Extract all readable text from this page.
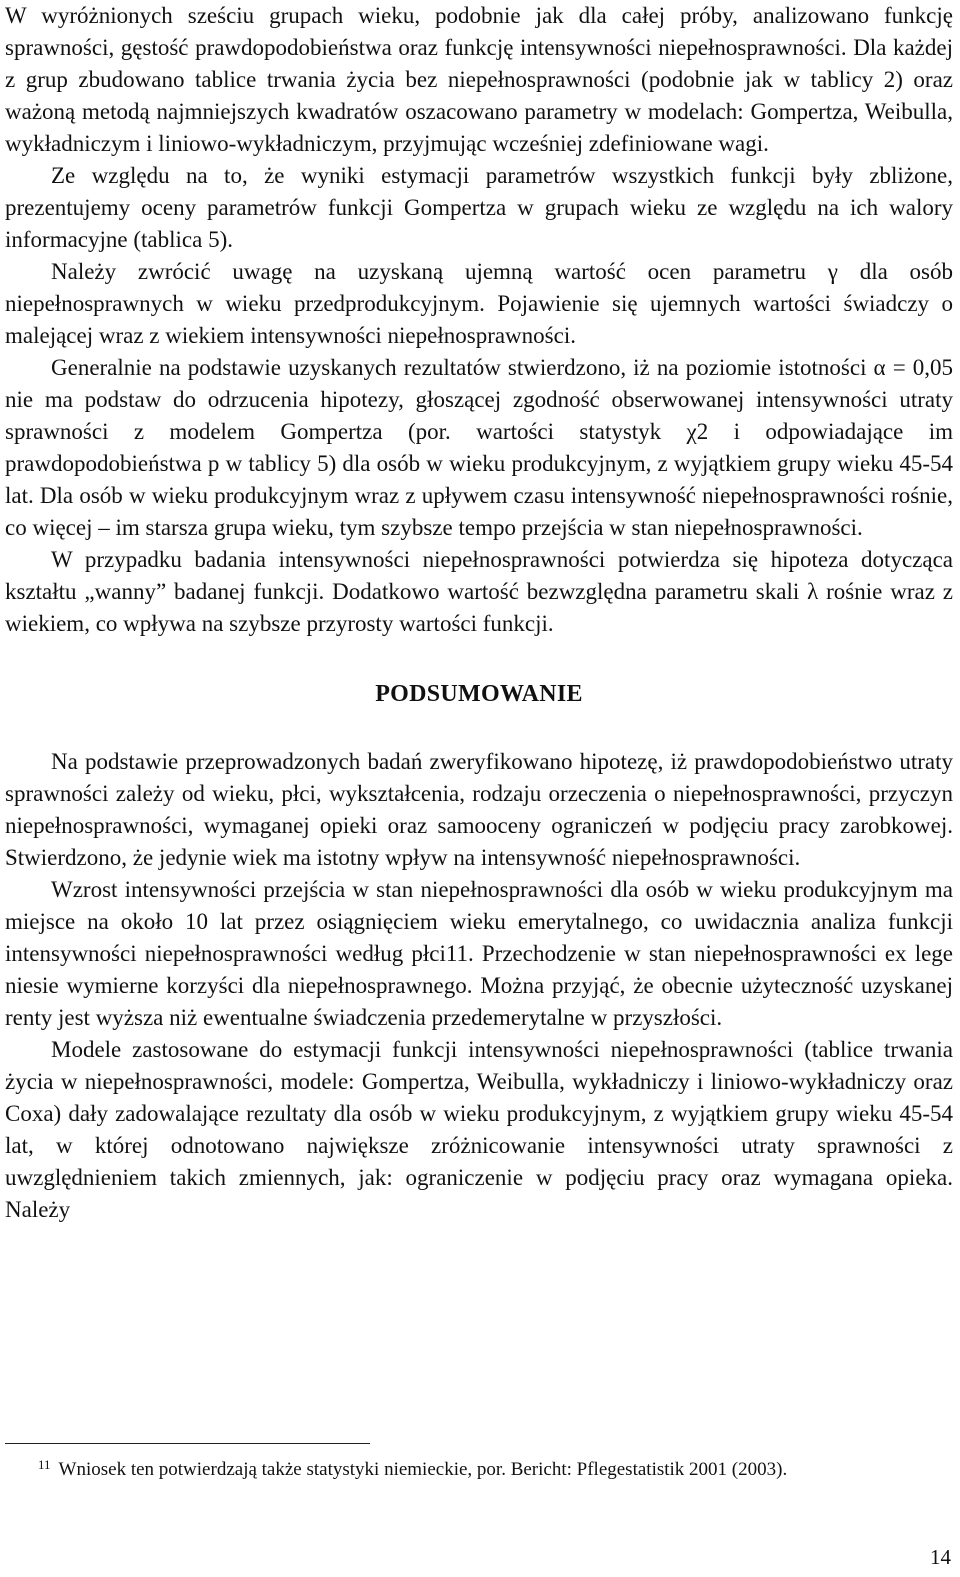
W wyróżnionych sześciu grupach wieku, podobnie jak dla całej próby, analizowano funkcję sprawności, gęstość prawdopodobieństwa oraz funkcję intensywności niepełnosprawności. Dla każdej z grup zbudowano tablice trwania życia bez niepełnosprawności (podobnie jak w tablicy 2) oraz ważoną metodą najmniejszych kwadratów oszacowano parametry w modelach: Gompertza, Weibulla, wykładniczym i liniowo-wykładniczym, przyjmując wcześniej zdefiniowane wagi.

Ze względu na to, że wyniki estymacji parametrów wszystkich funkcji były zbliżone, prezentujemy oceny parametrów funkcji Gompertza w grupach wieku ze względu na ich walory informacyjne (tablica 5).

Należy zwrócić uwagę na uzyskaną ujemną wartość ocen parametru γ dla osób niepełnosprawnych w wieku przedprodukcyjnym. Pojawienie się ujemnych wartości świadczy o malejącej wraz z wiekiem intensywności niepełnosprawności.

Generalnie na podstawie uzyskanych rezultatów stwierdzono, iż na poziomie istotności α = 0,05 nie ma podstaw do odrzucenia hipotezy, głoszącej zgodność obserwowanej intensywności utraty sprawności z modelem Gompertza (por. wartości statystyk χ2 i odpowiadające im prawdopodobieństwa p w tablicy 5) dla osób w wieku produkcyjnym, z wyjątkiem grupy wieku 45-54 lat. Dla osób w wieku produkcyjnym wraz z upływem czasu intensywność niepełnosprawności rośnie, co więcej – im starsza grupa wieku, tym szybsze tempo przejścia w stan niepełnosprawności.

W przypadku badania intensywności niepełnosprawności potwierdza się hipoteza dotycząca kształtu „wanny” badanej funkcji. Dodatkowo wartość bezwzględna parametru skali λ rośnie wraz z wiekiem, co wpływa na szybsze przyrosty wartości funkcji.

PODSUMOWANIE

Na podstawie przeprowadzonych badań zweryfikowano hipotezę, iż prawdopodobieństwo utraty sprawności zależy od wieku, płci, wykształcenia, rodzaju orzeczenia o niepełnosprawności, przyczyn niepełnosprawności, wymaganej opieki oraz samooceny ograniczeń w podjęciu pracy zarobkowej. Stwierdzono, że jedynie wiek ma istotny wpływ na intensywność niepełnosprawności.

Wzrost intensywności przejścia w stan niepełnosprawności dla osób w wieku produkcyjnym ma miejsce na około 10 lat przez osiągnięciem wieku emerytalnego, co uwidacznia analiza funkcji intensywności niepełnosprawności według płci11. Przechodzenie w stan niepełnosprawności ex lege niesie wymierne korzyści dla niepełnosprawnego. Można przyjąć, że obecnie użyteczność uzyskanej renty jest wyższa niż ewentualne świadczenia przedemerytalne w przyszłości.

Modele zastosowane do estymacji funkcji intensywności niepełnosprawności (tablice trwania życia w niepełnosprawności, modele: Gompertza, Weibulla, wykładniczy i liniowo-wykładniczy oraz Coxa) dały zadowalające rezultaty dla osób w wieku produkcyjnym, z wyjątkiem grupy wieku 45-54 lat, w której odnotowano największe zróżnicowanie intensywności utraty sprawności z uwzględnieniem takich zmiennych, jak: ograniczenie w podjęciu pracy oraz wymagana opieka. Należy

$^{11}$ Wniosek ten potwierdzają także statystyki niemieckie, por. Bericht: Pflegestatistik 2001 (2003).
14
